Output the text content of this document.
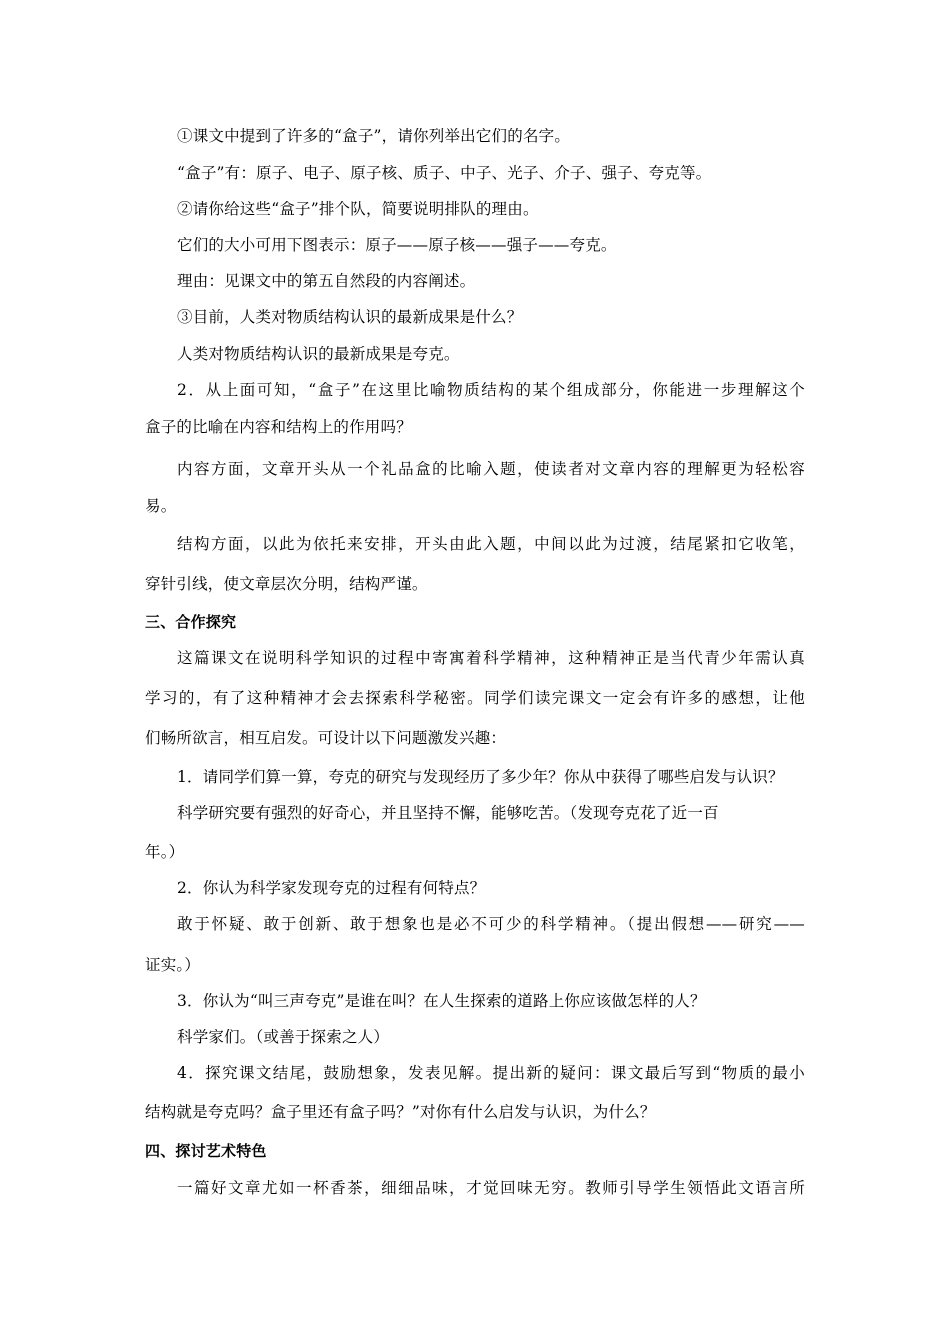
①课文中提到了许多的“盒子”，请你列举出它们的名字。
“盒子”有：原子、电子、原子核、质子、中子、光子、介子、强子、夸克等。
②请你给这些“盒子”排个队，简要说明排队的理由。
它们的大小可用下图表示：原子——原子核——强子——夸克。
理由：见课文中的第五自然段的内容阐述。
③目前，人类对物质结构认识的最新成果是什么？
人类对物质结构认识的最新成果是夸克。
2．从上面可知，“盒子”在这里比喻物质结构的某个组成部分，你能进一步理解这个
盒子的比喻在内容和结构上的作用吗？
内容方面，文章开头从一个礼品盒的比喻入题，使读者对文章内容的理解更为轻松容
易。
结构方面，以此为依托来安排，开头由此入题，中间以此为过渡，结尾紧扣它收笔，
穿针引线，使文章层次分明，结构严谨。
三、合作探究
这篇课文在说明科学知识的过程中寄寓着科学精神，这种精神正是当代青少年需认真
学习的，有了这种精神才会去探索科学秘密。同学们读完课文一定会有许多的感想，让他
们畅所欲言，相互启发。可设计以下问题激发兴趣：
1．请同学们算一算，夸克的研究与发现经历了多少年？你从中获得了哪些启发与认识？
科学研究要有强烈的好奇心，并且坚持不懈，能够吃苦。（发现夸克花了近一百
年。）
2．你认为科学家发现夸克的过程有何特点？
敢于怀疑、敢于创新、敢于想象也是必不可少的科学精神。（提出假想——研究——
证实。）
3．你认为“叫三声夸克”是谁在叫？在人生探索的道路上你应该做怎样的人？
科学家们。（或善于探索之人）
4．探究课文结尾，鼓励想象，发表见解。提出新的疑问：课文最后写到“物质的最小
结构就是夸克吗？盒子里还有盒子吗？”对你有什么启发与认识，为什么？
四、探讨艺术特色
一篇好文章尤如一杯香茶，细细品味，才觉回味无穷。教师引导学生领悟此文语言所
